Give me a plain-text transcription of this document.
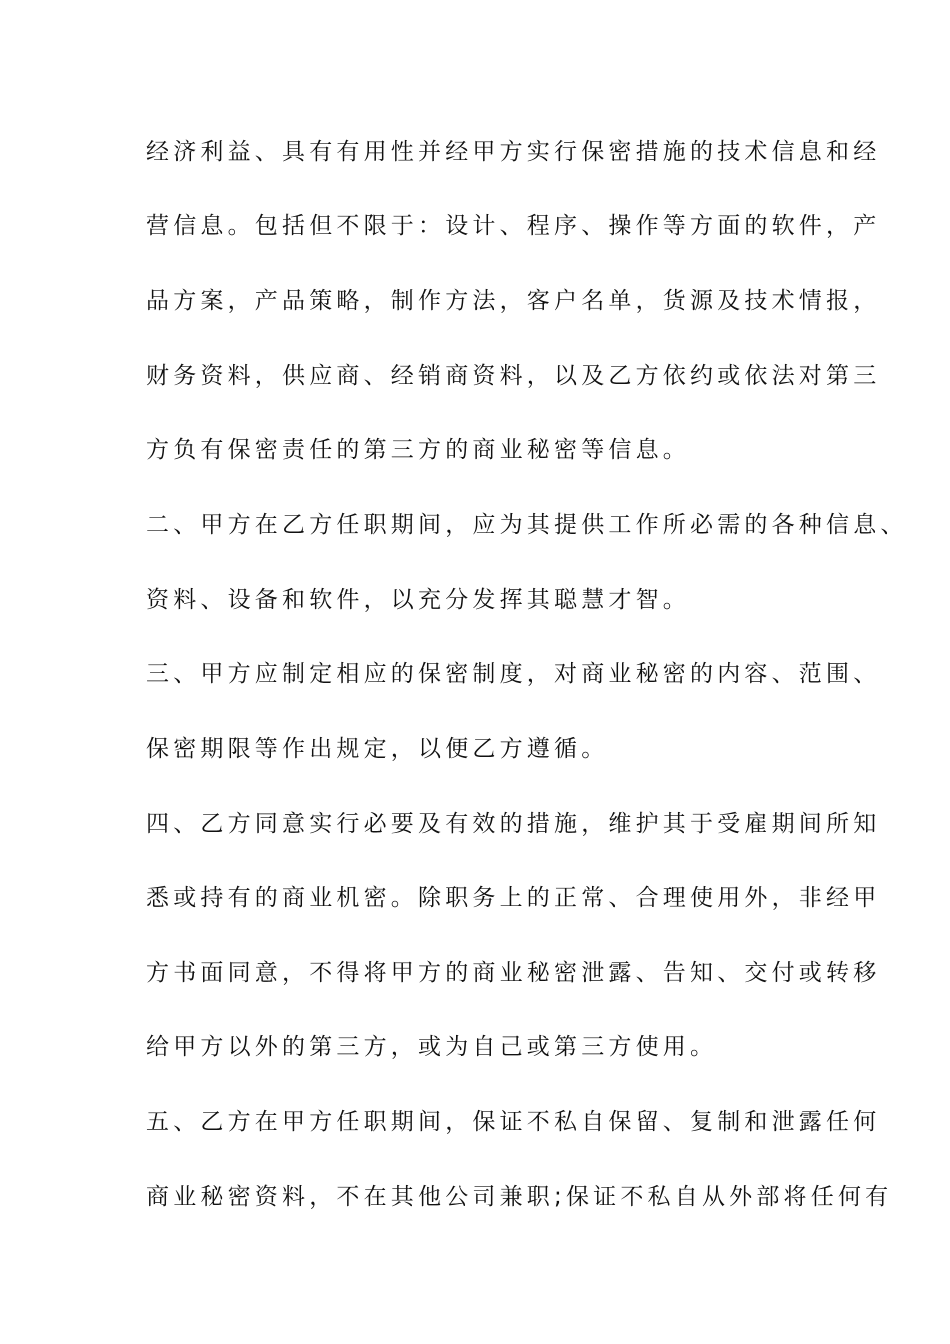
经济利益、具有有用性并经甲方实行保密措施的技术信息和经
营信息。包括但不限于：设计、程序、操作等方面的软件，产
品方案，产品策略，制作方法，客户名单，货源及技术情报，
财务资料，供应商、经销商资料，以及乙方依约或依法对第三
方负有保密责任的第三方的商业秘密等信息。
二、甲方在乙方任职期间，应为其提供工作所必需的各种信息、
资料、设备和软件，以充分发挥其聪慧才智。
三、甲方应制定相应的保密制度，对商业秘密的内容、范围、
保密期限等作出规定，以便乙方遵循。
四、乙方同意实行必要及有效的措施，维护其于受雇期间所知
悉或持有的商业机密。除职务上的正常、合理使用外，非经甲
方书面同意，不得将甲方的商业秘密泄露、告知、交付或转移
给甲方以外的第三方，或为自己或第三方使用。
五、乙方在甲方任职期间，保证不私自保留、复制和泄露任何
商业秘密资料，不在其他公司兼职;保证不私自从外部将任何有
